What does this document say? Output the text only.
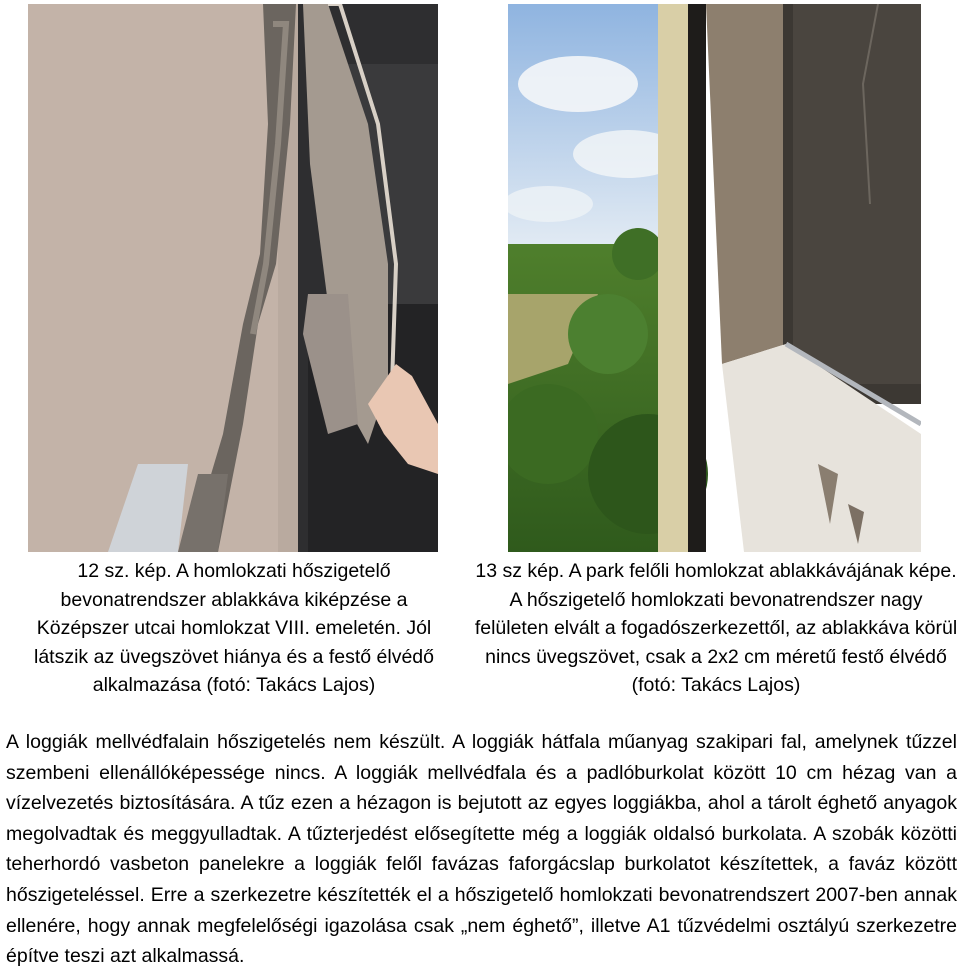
12 sz. kép. A homlokzati hőszigetelő bevonatrendszer ablakkáva kiképzése a Középszer utcai homlokzat VIII. emeletén. Jól látszik az üvegszövet hiánya és a festő élvédő alkalmazása (fotó: Takács Lajos)

13 sz kép. A park felőli homlokzat ablakkávájának képe. A hőszigetelő homlokzati bevonatrendszer nagy felületen elvált a fogadószerkezettől, az ablakkáva körül nincs üvegszövet, csak a 2x2 cm méretű festő élvédő (fotó: Takács Lajos)

A loggiák mellvédfalain hőszigetelés nem készült. A loggiák hátfala műanyag szakipari fal, amelynek tűzzel szembeni ellenállóképessége nincs. A loggiák mellvédfala és a padlóburkolat között 10 cm hézag van a vízelvezetés biztosítására. A tűz ezen a hézagon is bejutott az egyes loggiákba, ahol a tárolt éghető anyagok megolvadtak és meggyulladtak. A tűzterjedést elősegítette még a loggiák oldalsó burkolata. A szobák közötti teherhordó vasbeton panelekre a loggiák felől favázas faforgácslap burkolatot készítettek, a faváz között hőszigeteléssel. Erre a szerkezetre készítették el a hőszigetelő homlokzati bevonatrendszert 2007-ben annak ellenére, hogy annak megfelelőségi igazolása csak „nem éghető”, illetve A1 tűzvédelmi osztályú szerkezetre építve teszi azt alkalmassá.
